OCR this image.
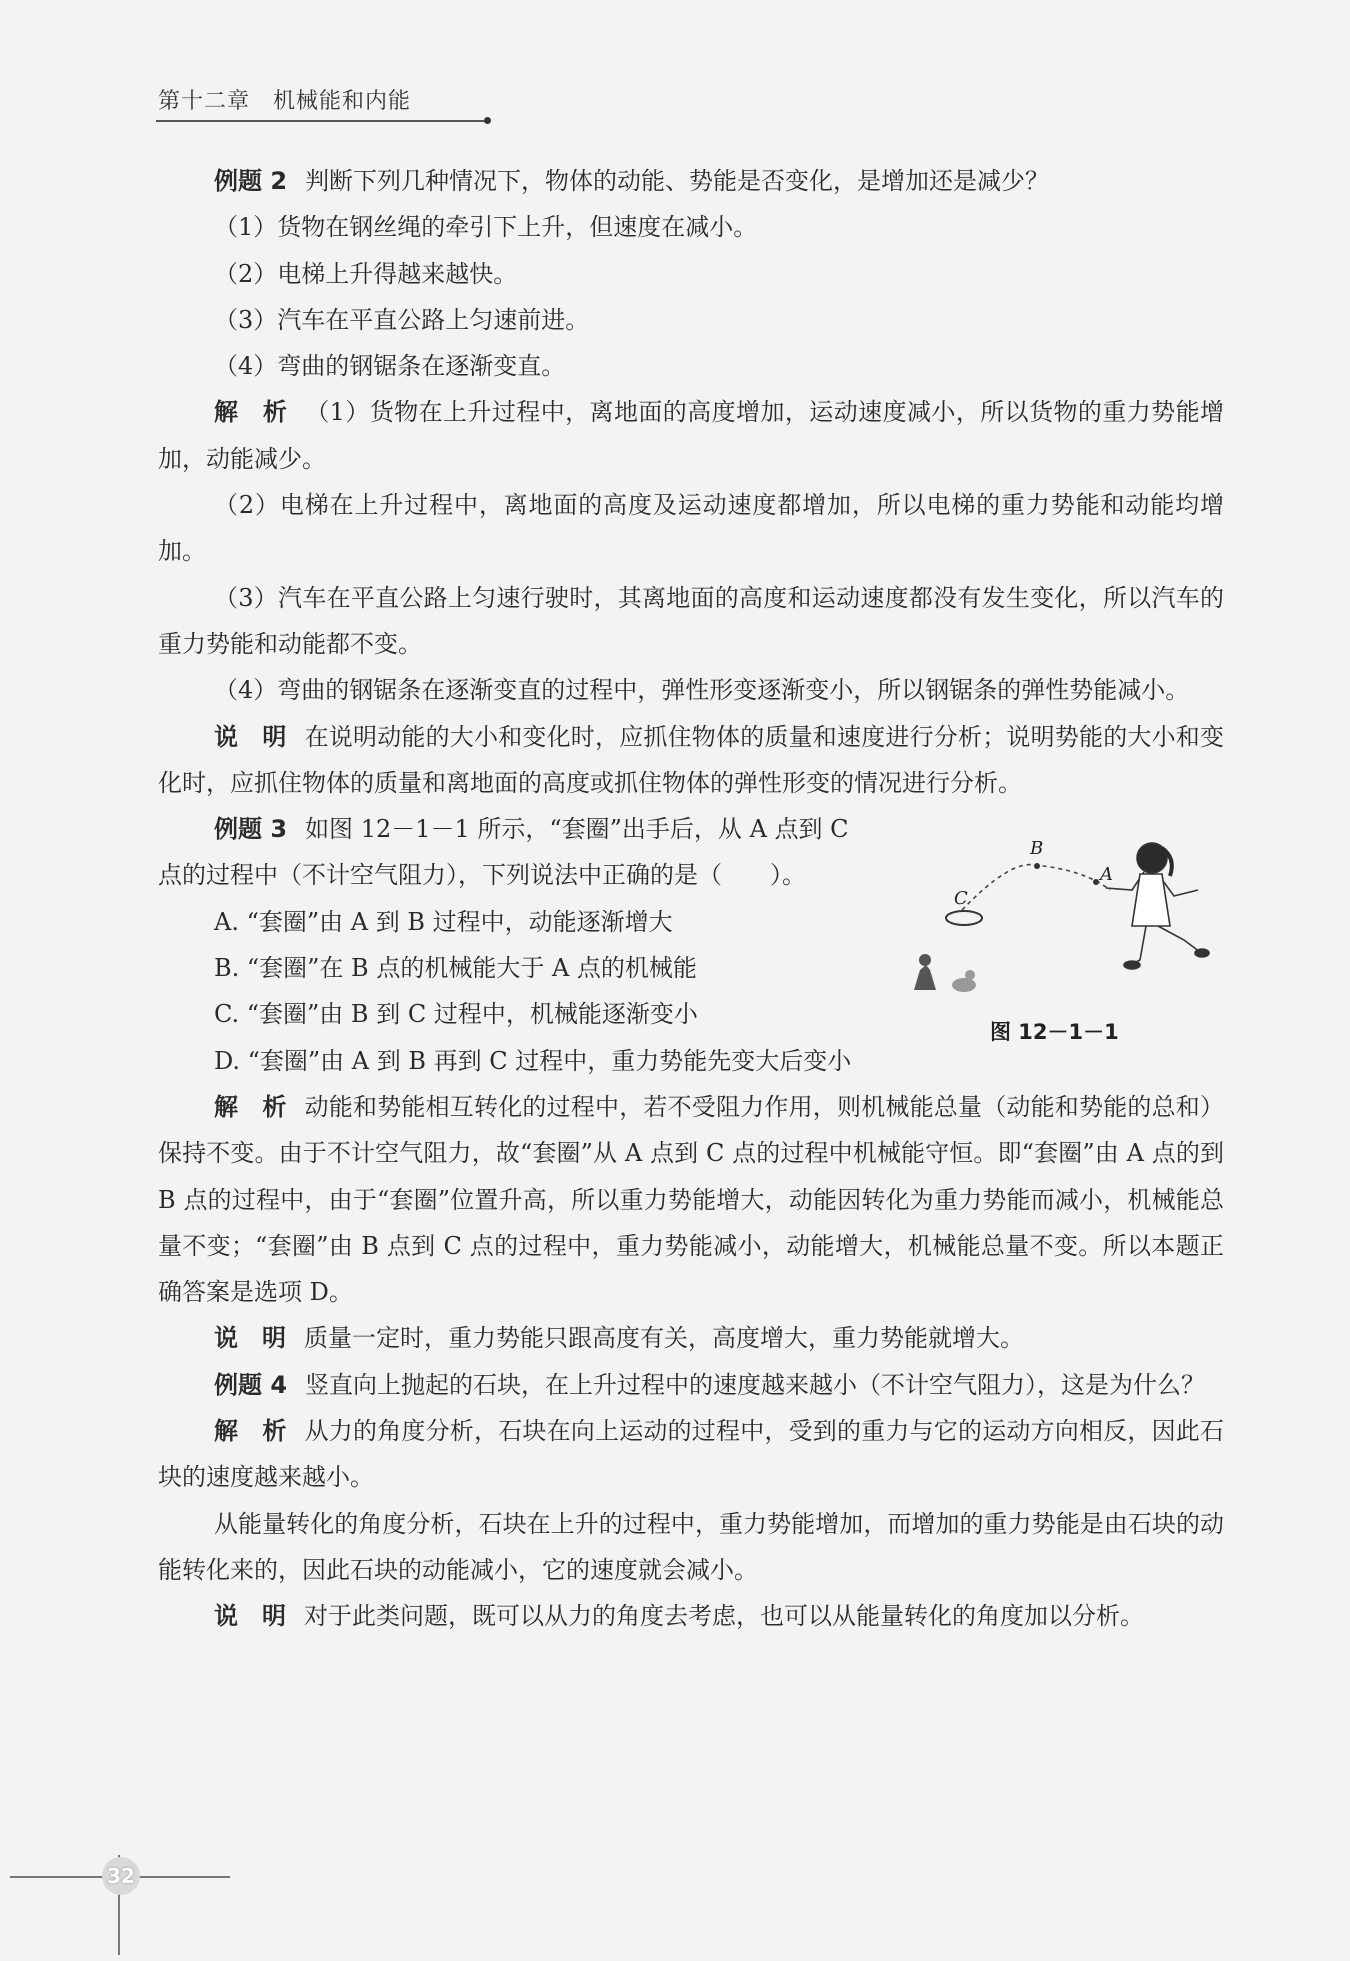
第十二章　机械能和内能

例题 2 判断下列几种情况下，物体的动能、势能是否变化，是增加还是减少？

（1）货物在钢丝绳的牵引下上升，但速度在减小。

（2）电梯上升得越来越快。

（3）汽车在平直公路上匀速前进。

（4）弯曲的钢锯条在逐渐变直。

解　析 （1）货物在上升过程中，离地面的高度增加，运动速度减小，所以货物的重力势能增加，动能减少。

（2）电梯在上升过程中，离地面的高度及运动速度都增加，所以电梯的重力势能和动能均增加。

（3）汽车在平直公路上匀速行驶时，其离地面的高度和运动速度都没有发生变化，所以汽车的重力势能和动能都不变。

（4）弯曲的钢锯条在逐渐变直的过程中，弹性形变逐渐变小，所以钢锯条的弹性势能减小。

说　明 在说明动能的大小和变化时，应抓住物体的质量和速度进行分析；说明势能的大小和变化时，应抓住物体的质量和离地面的高度或抓住物体的弹性形变的情况进行分析。

例题 3 如图 12－1－1 所示，“套圈”出手后，从 A 点到 C

点的过程中（不计空气阻力），下列说法中正确的是（　　）。

A. “套圈”由 A 到 B 过程中，动能逐渐增大

B. “套圈”在 B 点的机械能大于 A 点的机械能

C. “套圈”由 B 到 C 过程中，机械能逐渐变小

D. “套圈”由 A 到 B 再到 C 过程中，重力势能先变大后变小

解　析 动能和势能相互转化的过程中，若不受阻力作用，则机械能总量（动能和势能的总和）保持不变。由于不计空气阻力，故“套圈”从 A 点到 C 点的过程中机械能守恒。即“套圈”由 A 点的到 B 点的过程中，由于“套圈”位置升高，所以重力势能增大，动能因转化为重力势能而减小，机械能总量不变；“套圈”由 B 点到 C 点的过程中，重力势能减小，动能增大，机械能总量不变。所以本题正确答案是选项 D。

说　明 质量一定时，重力势能只跟高度有关，高度增大，重力势能就增大。

例题 4 竖直向上抛起的石块，在上升过程中的速度越来越小（不计空气阻力），这是为什么？

解　析 从力的角度分析，石块在向上运动的过程中，受到的重力与它的运动方向相反，因此石块的速度越来越小。

从能量转化的角度分析，石块在上升的过程中，重力势能增加，而增加的重力势能是由石块的动能转化来的，因此石块的动能减小，它的速度就会减小。

说　明 对于此类问题，既可以从力的角度去考虑，也可以从能量转化的角度加以分析。

B
A
C
图 12－1－1
32
